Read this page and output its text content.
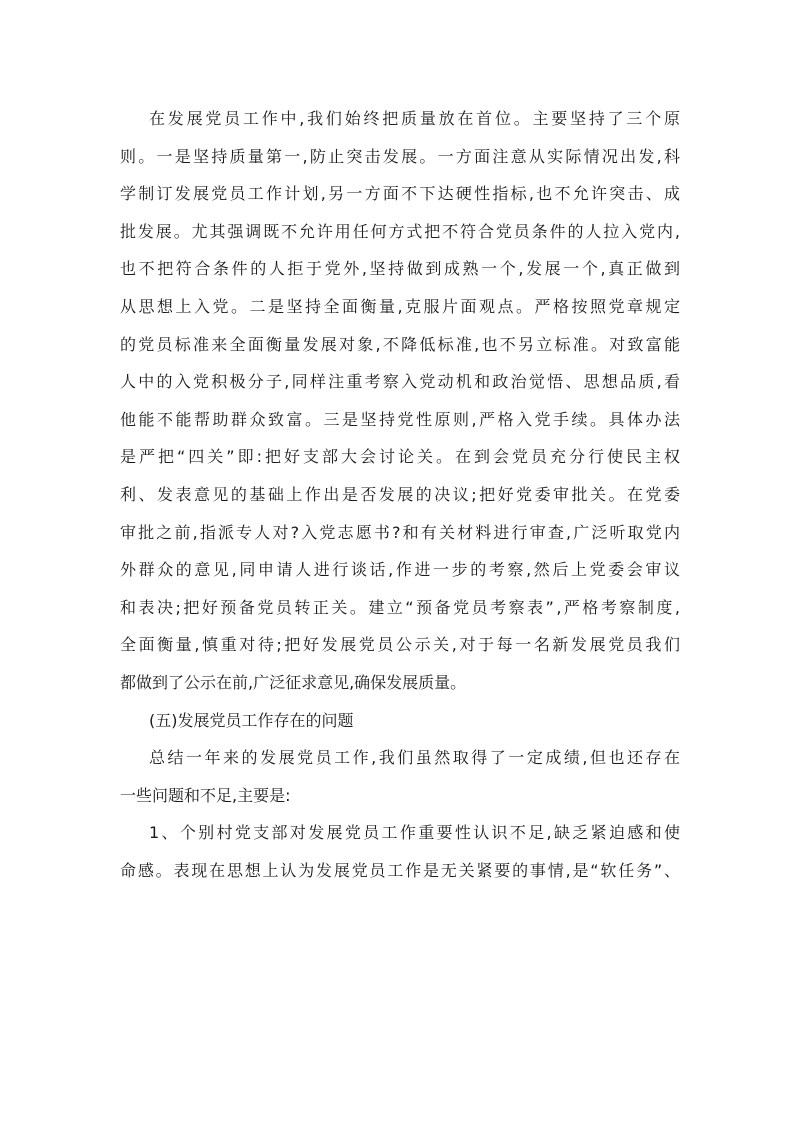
在发展党员工作中,我们始终把质量放在首位。主要坚持了三个原
则。一是坚持质量第一,防止突击发展。一方面注意从实际情况出发,科
学制订发展党员工作计划,另一方面不下达硬性指标,也不允许突击、成
批发展。尤其强调既不允许用任何方式把不符合党员条件的人拉入党内,
也不把符合条件的人拒于党外,坚持做到成熟一个,发展一个,真正做到
从思想上入党。二是坚持全面衡量,克服片面观点。严格按照党章规定
的党员标准来全面衡量发展对象,不降低标准,也不另立标准。对致富能
人中的入党积极分子,同样注重考察入党动机和政治觉悟、思想品质,看
他能不能帮助群众致富。三是坚持党性原则,严格入党手续。具体办法
是严把“四关”即:把好支部大会讨论关。在到会党员充分行使民主权
利、发表意见的基础上作出是否发展的决议;把好党委审批关。在党委
审批之前,指派专人对?入党志愿书?和有关材料进行审查,广泛听取党内
外群众的意见,同申请人进行谈话,作进一步的考察,然后上党委会审议
和表决;把好预备党员转正关。建立“预备党员考察表”,严格考察制度,
全面衡量,慎重对待;把好发展党员公示关,对于每一名新发展党员我们
都做到了公示在前,广泛征求意见,确保发展质量。
(五)发展党员工作存在的问题
总结一年来的发展党员工作,我们虽然取得了一定成绩,但也还存在
一些问题和不足,主要是:
1、个别村党支部对发展党员工作重要性认识不足,缺乏紧迫感和使
命感。表现在思想上认为发展党员工作是无关紧要的事情,是“软任务”、
